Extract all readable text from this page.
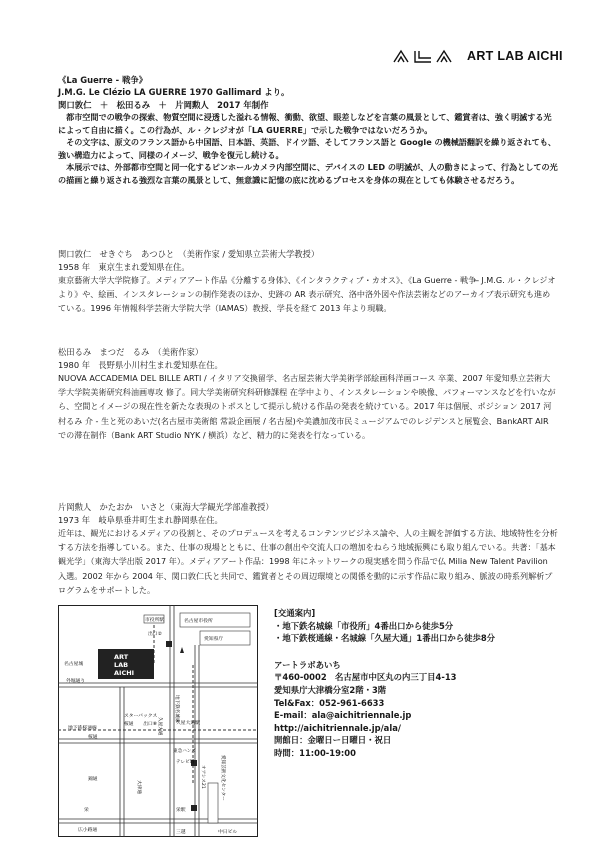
ART LAB AICHI
《La Guerre - 戦争》
J.M.G. Le Clézio LA GUERRE 1970 Gallimard より。
関口敦仁　＋　松田るみ　＋　片岡勲人　2017 年制作

都市空間での戦争の探索、物質空間に浸透した溢れる情報、衝動、欲望、眼差しなどを言葉の風景として、鑑賞者は、強く明滅する光によって自由に描く。この行為が、ル・クレジオが「LA GUERRE」で示した戦争ではないだろうか。

その文字は、原文のフランス語から中国語、日本語、英語、ドイツ語、そしてフランス語と Google の機械語翻訳を繰り返されても、強い構造力によって、同様のイメージ、戦争を復元し続ける。

本展示では、外部都市空間と同一化するピンホールカメラ内部空間に、デバイスの LED の明滅が、人の動きによって、行為としての光の描画と繰り返される強烈な言葉の風景として、無意識に記憶の底に沈めるプロセスを身体の現在としても体験させるだろう。

関口敦仁　せきぐち　あつひと　（美術作家 / 愛知県立芸術大学教授）
1958 年　東京生まれ愛知県在住。

東京藝術大学大学院修了。メディアアート作品《分離する身体》、《インタラクティブ・カオス》、《La Guerre - 戦争 ̶ J.M.G. ル・クレジオより》や、絵画、インスタレーションの制作発表のほか、史跡の AR 表示研究、洛中洛外図や作法芸術などのアーカイブ表示研究も進めている。1996 年情報科学芸術大学院大学（IAMAS）教授、学長を経て 2013 年より現職。

松田るみ　まつだ　るみ　（美術作家）
1980 年　長野県小川村生まれ愛知県在住。

NUOVA ACCADEMIA DEL BILLE ARTI / イタリア交換留学、名古屋芸術大学美術学部絵画科洋画コース 卒業、2007 年愛知県立芸術大学大学院美術研究科油画専攻 修了。同大学美術研究科研修課程 在学中より、インスタレーションや映像、パフォーマンスなどを行いながら、空間とイメージの現在性を新たな表現のトポスとして提示し続ける作品の発表を続けている。2017 年は個展、ポジション 2017 河村るみ 介 - 生と死のあいだ(名古屋市美術館 常設企画展 / 名古屋)や美濃加茂市民ミュージアムでのレジデンスと展覧会、BankART AIR での滞在制作（Bank ART Studio NYK / 横浜）など、精力的に発表を行なっている。

片岡勲人　かたおか　いさと（東海大学観光学部准教授）
1973 年　岐阜県垂井町生まれ静岡県在住。

近年は、観光におけるメディアの役割と、そのプロデュースを考えるコンテンツビジネス論や、人の主観を評価する方法、地域特性を分析する方法を指導している。また、仕事の現場とともに、仕事の創出や交流人口の増加をねらう地域振興にも取り組んでいる。共著：「基本観光学」（東海大学出版 2017 年）。メディアアート作品：1998 年にネットワークの現実感を問う作品で仏 Milia New Talent Pavilion 入選。2002 年から 2004 年、関口敦仁氏と共同で、鑑賞者とその周辺環境との関係を動的に示す作品に取り組み、脈波の時系列解析プログラムをサポートした。

ART
LAB
AICHI
市役所駅
出口②
名古屋市役所
愛知県庁
名古屋城
外堀通り
久屋大通
地下鉄名城線
スターバックス
桜通　　出口⑧	久屋大通駅
地下鉄桜通線
桜通
東急ハンズ
テレビ塔
オアシス21	愛知芸術文化センター
錦通
大津通
栄駅
栄
広小路通	三越	中日ビル
[交通案内]
・地下鉄名城線「市役所」4番出口から徒歩5分
・地下鉄桜通線・名城線「久屋大通」1番出口から徒歩8分
アートラボあいち
〒460-0002　名古屋市中区丸の内三丁目4-13
愛知県庁大津橋分室2階・3階
Tel&Fax：052-961-6633
E-mail：ala@aichitriennale.jp
http://aichitriennale.jp/ala/
開館日：金曜日ー日曜日・祝日
時間：11:00-19:00
